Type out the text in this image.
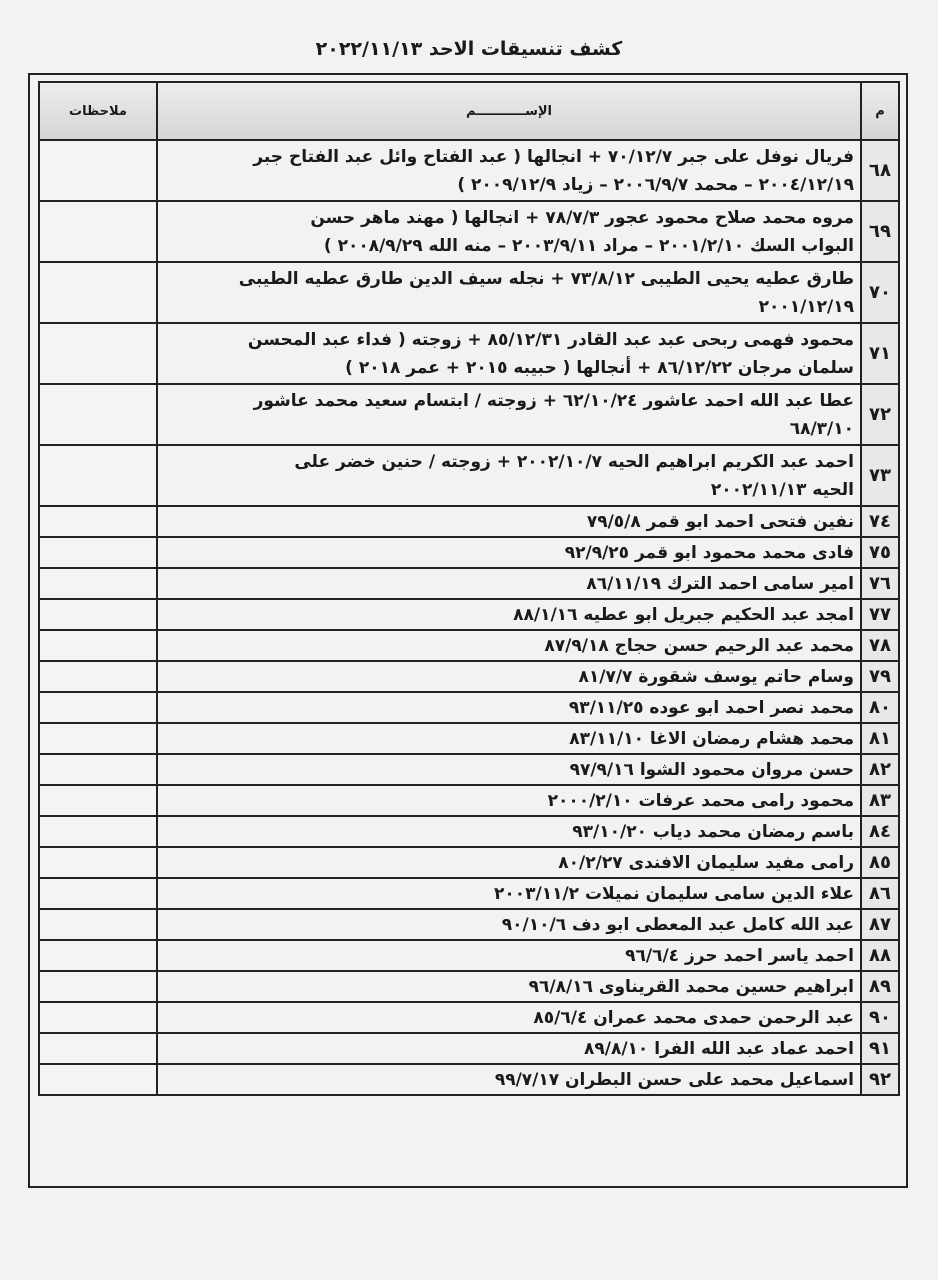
كشف تنسيقات الاحد ٢٠٢٢/١١/١٣
م	الإســـــــــــم	ملاحظات
٦٨	فريال نوفل على جبر ٧٠/١٢/٧ + انجالها ( عبد الفتاح وائل عبد الفتاح جبر
٢٠٠٤/١٢/١٩ – محمد ٢٠٠٦/٩/٧ – زياد ٢٠٠٩/١٢/٩ )	

٦٩	مروه محمد صلاح محمود عجور ٧٨/٧/٣ + انجالها ( مهند ماهر حسن
البواب السك ٢٠٠١/٢/١٠ – مراد ٢٠٠٣/٩/١١ – منه الله ٢٠٠٨/٩/٢٩ )	

٧٠	طارق عطيه يحيى الطيبى ٧٣/٨/١٢ + نجله سيف الدين طارق عطيه الطيبى
٢٠٠١/١٢/١٩	

٧١	محمود فهمى ربحى عبد عبد القادر ٨٥/١٢/٣١ + زوجته ( فداء عبد المحسن
سلمان مرجان ٨٦/١٢/٢٢ + أنجالها ( حبيبه ٢٠١٥ + عمر ٢٠١٨ )	

٧٢	عطا عبد الله احمد عاشور ٦٢/١٠/٢٤ + زوجته / ابتسام سعيد محمد عاشور
٦٨/٣/١٠	

٧٣	احمد عبد الكريم ابراهيم الحيه ٢٠٠٢/١٠/٧ + زوجته / حنين خضر على
الحيه ٢٠٠٢/١١/١٣	

٧٤	نفين فتحى احمد ابو قمر ٧٩/٥/٨	

٧٥	فادى محمد محمود ابو قمر ٩٢/٩/٢٥	

٧٦	امير سامى احمد الترك ٨٦/١١/١٩	

٧٧	امجد عبد الحكيم جبريل ابو عطيه ٨٨/١/١٦	

٧٨	محمد عبد الرحيم حسن حجاج ٨٧/٩/١٨	

٧٩	وسام حاتم يوسف شقورة ٨١/٧/٧	

٨٠	محمد نصر احمد ابو عوده ٩٣/١١/٢٥	

٨١	محمد هشام رمضان الاغا ٨٣/١١/١٠	

٨٢	حسن مروان محمود الشوا ٩٧/٩/١٦	

٨٣	محمود رامى محمد عرفات ٢٠٠٠/٢/١٠	

٨٤	باسم رمضان محمد دياب ٩٣/١٠/٢٠	

٨٥	رامى مفيد سليمان الافندى ٨٠/٢/٢٧	

٨٦	علاء الدين سامى سليمان نميلات ٢٠٠٣/١١/٢	

٨٧	عبد الله كامل عبد المعطى ابو دف ٩٠/١٠/٦	

٨٨	احمد ياسر احمد حرز ٩٦/٦/٤	

٨٩	ابراهيم حسين محمد القريناوى ٩٦/٨/١٦	

٩٠	عبد الرحمن حمدى محمد عمران ٨٥/٦/٤	

٩١	احمد عماد عبد الله الفرا ٨٩/٨/١٠	

٩٢	اسماعيل محمد على حسن البطران ٩٩/٧/١٧	
